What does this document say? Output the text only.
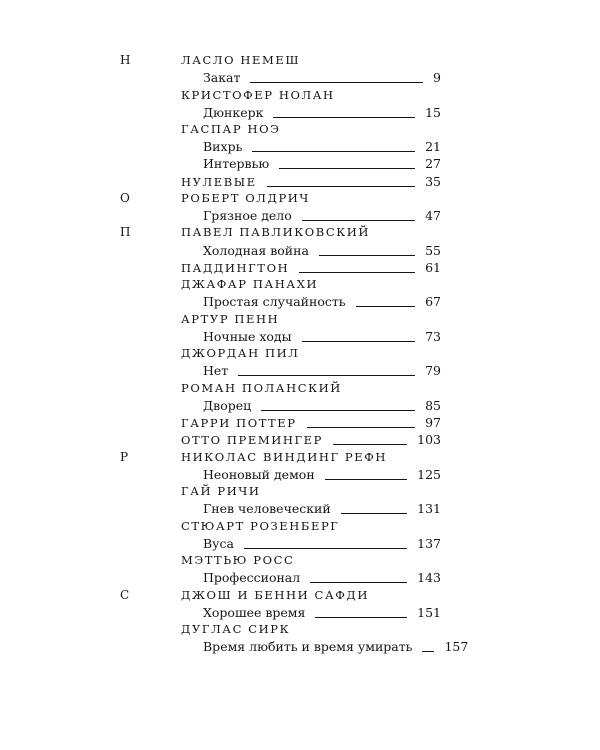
Н	ЛАСЛО НЕМЕШ
Закат	9
КРИСТОФЕР НОЛАН
Дюнкерк	15
ГАСПАР НОЭ
Вихрь	21
Интервью	27
НУЛЕВЫЕ	35
О	РОБЕРТ ОЛДРИЧ
Грязное дело	47
П	ПАВЕЛ ПАВЛИКОВСКИЙ
Холодная война	55
ПАДДИНГТОН	61
ДЖАФАР ПАНАХИ
Простая случайность	67
АРТУР ПЕНН
Ночные ходы	73
ДЖОРДАН ПИЛ
Нет	79
РОМАН ПОЛАНСКИЙ
Дворец	85
ГАРРИ ПОТТЕР	97
ОТТО ПРЕМИНГЕР	103
Р	НИКОЛАС ВИНДИНГ РЕФН
Неоновый демон	125
ГАЙ РИЧИ
Гнев человеческий	131
СТЮАРТ РОЗЕНБЕРГ
Вуса	137
МЭТТЬЮ РОСС
Профессионал	143
С	ДЖОШ И БЕННИ САФДИ
Хорошее время	151
ДУГЛАС СИРК
Время любить и время умирать	157
